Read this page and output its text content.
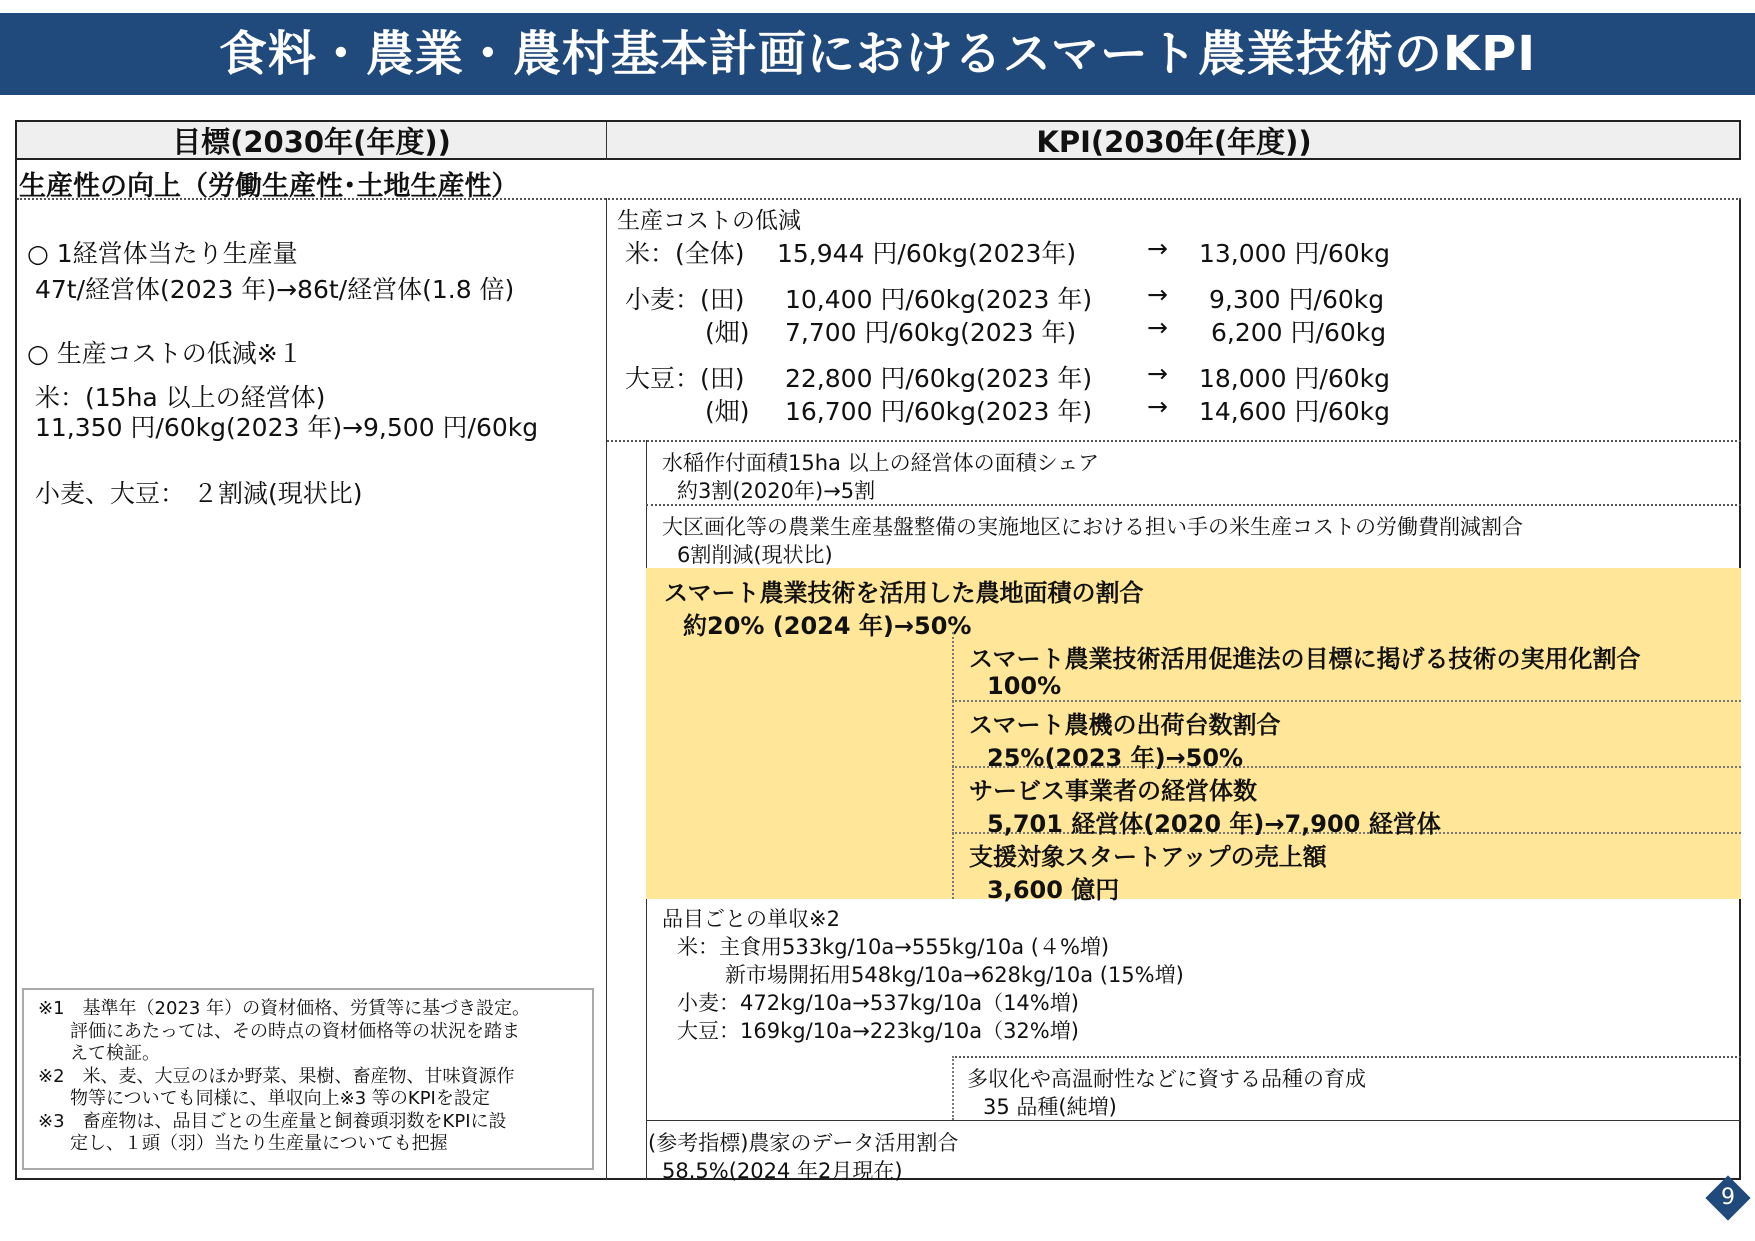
食料・農業・農村基本計画におけるスマート農業技術のKPI
目標(2030年(年度))	KPI(2030年(年度))
生産性の向上（労働生産性･土地生産性）
○ 1経営体当たり生産量
47t/経営体(2023 年)→86t/経営体(1.8 倍)
○ 生産コストの低減※１
米：(15ha 以上の経営体)
11,350 円/60kg(2023 年)→9,500 円/60kg
小麦、大豆： ２割減(現状比)
※1　基準年（2023 年）の資材価格、労賃等に基づき設定。
評価にあたっては、その時点の資材価格等の状況を踏ま
えて検証。
※2　米、麦、大豆のほか野菜、果樹、畜産物、甘味資源作
物等についても同様に、単収向上※3 等のKPIを設定
※3　畜産物は、品目ごとの生産量と飼養頭羽数をKPIに設
定し、１頭（羽）当たり生産量についても把握
生産コストの低減
米：(全体) 15,944 円/60kg(2023年)	→ 13,000 円/60kg
小麦：(田) 10,400 円/60kg(2023 年) → 9,300 円/60kg
(畑) 7,700 円/60kg(2023 年)	→ 6,200 円/60kg
大豆：(田) 22,800 円/60kg(2023 年) → 18,000 円/60kg
(畑) 16,700 円/60kg(2023 年) → 14,600 円/60kg
水稲作付面積15ha 以上の経営体の面積シェア
約3割(2020年)→5割
大区画化等の農業生産基盤整備の実施地区における担い手の米生産コストの労働費削減割合
6割削減(現状比)
スマート農業技術を活用した農地面積の割合
約20% (2024 年)→50%
スマート農業技術活用促進法の目標に掲げる技術の実用化割合
100%
スマート農機の出荷台数割合
25%(2023 年)→50%
サービス事業者の経営体数
5,701 経営体(2020 年)→7,900 経営体
支援対象スタートアップの売上額
3,600 億円
品目ごとの単収※2
米：主食用533kg/10a→555kg/10a (４%増)
新市場開拓用548kg/10a→628kg/10a (15%増)
小麦：472kg/10a→537kg/10a（14%増)
大豆：169kg/10a→223kg/10a（32%増)
多収化や高温耐性などに資する品種の育成
35 品種(純増)
(参考指標)農家のデータ活用割合
58.5%(2024 年2月現在)
9
